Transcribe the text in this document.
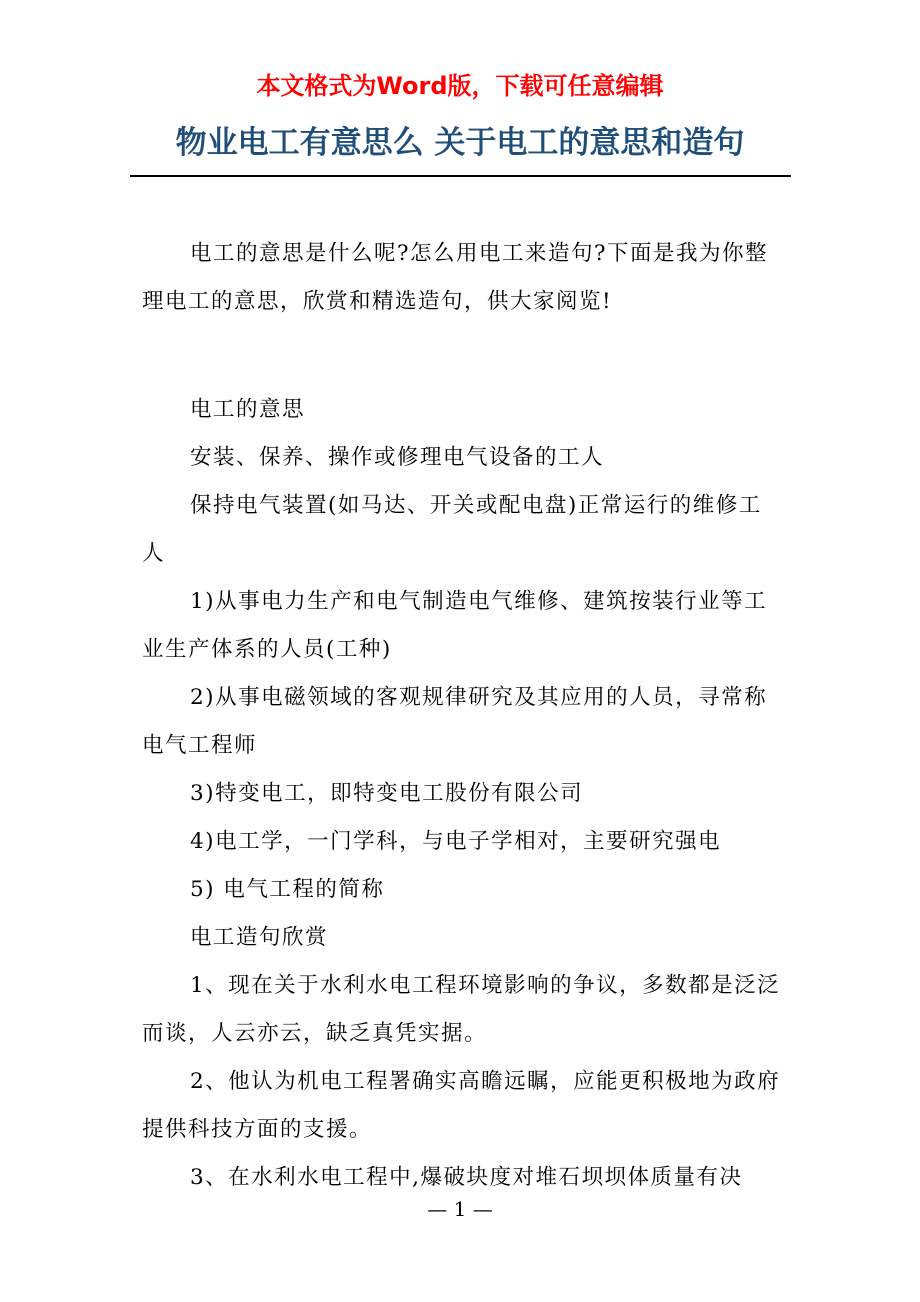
本文格式为Word版，下载可任意编辑
物业电工有意思么 关于电工的意思和造句

电工的意思是什么呢?怎么用电工来造句?下面是我为你整理电工的意思，欣赏和精选造句，供大家阅览!

电工的意思

安装、保养、操作或修理电气设备的工人

保持电气装置(如马达、开关或配电盘)正常运行的维修工人

1)从事电力生产和电气制造电气维修、建筑按装行业等工业生产体系的人员(工种)

2)从事电磁领域的客观规律研究及其应用的人员，寻常称电气工程师

3)特变电工，即特变电工股份有限公司

4)电工学，一门学科，与电子学相对，主要研究强电

5) 电气工程的简称

电工造句欣赏

1、现在关于水利水电工程环境影响的争议，多数都是泛泛而谈，人云亦云，缺乏真凭实据。

2、他认为机电工程署确实高瞻远瞩，应能更积极地为政府提供科技方面的支援。

3、在水利水电工程中,爆破块度对堆石坝坝体质量有决

— 1 —
